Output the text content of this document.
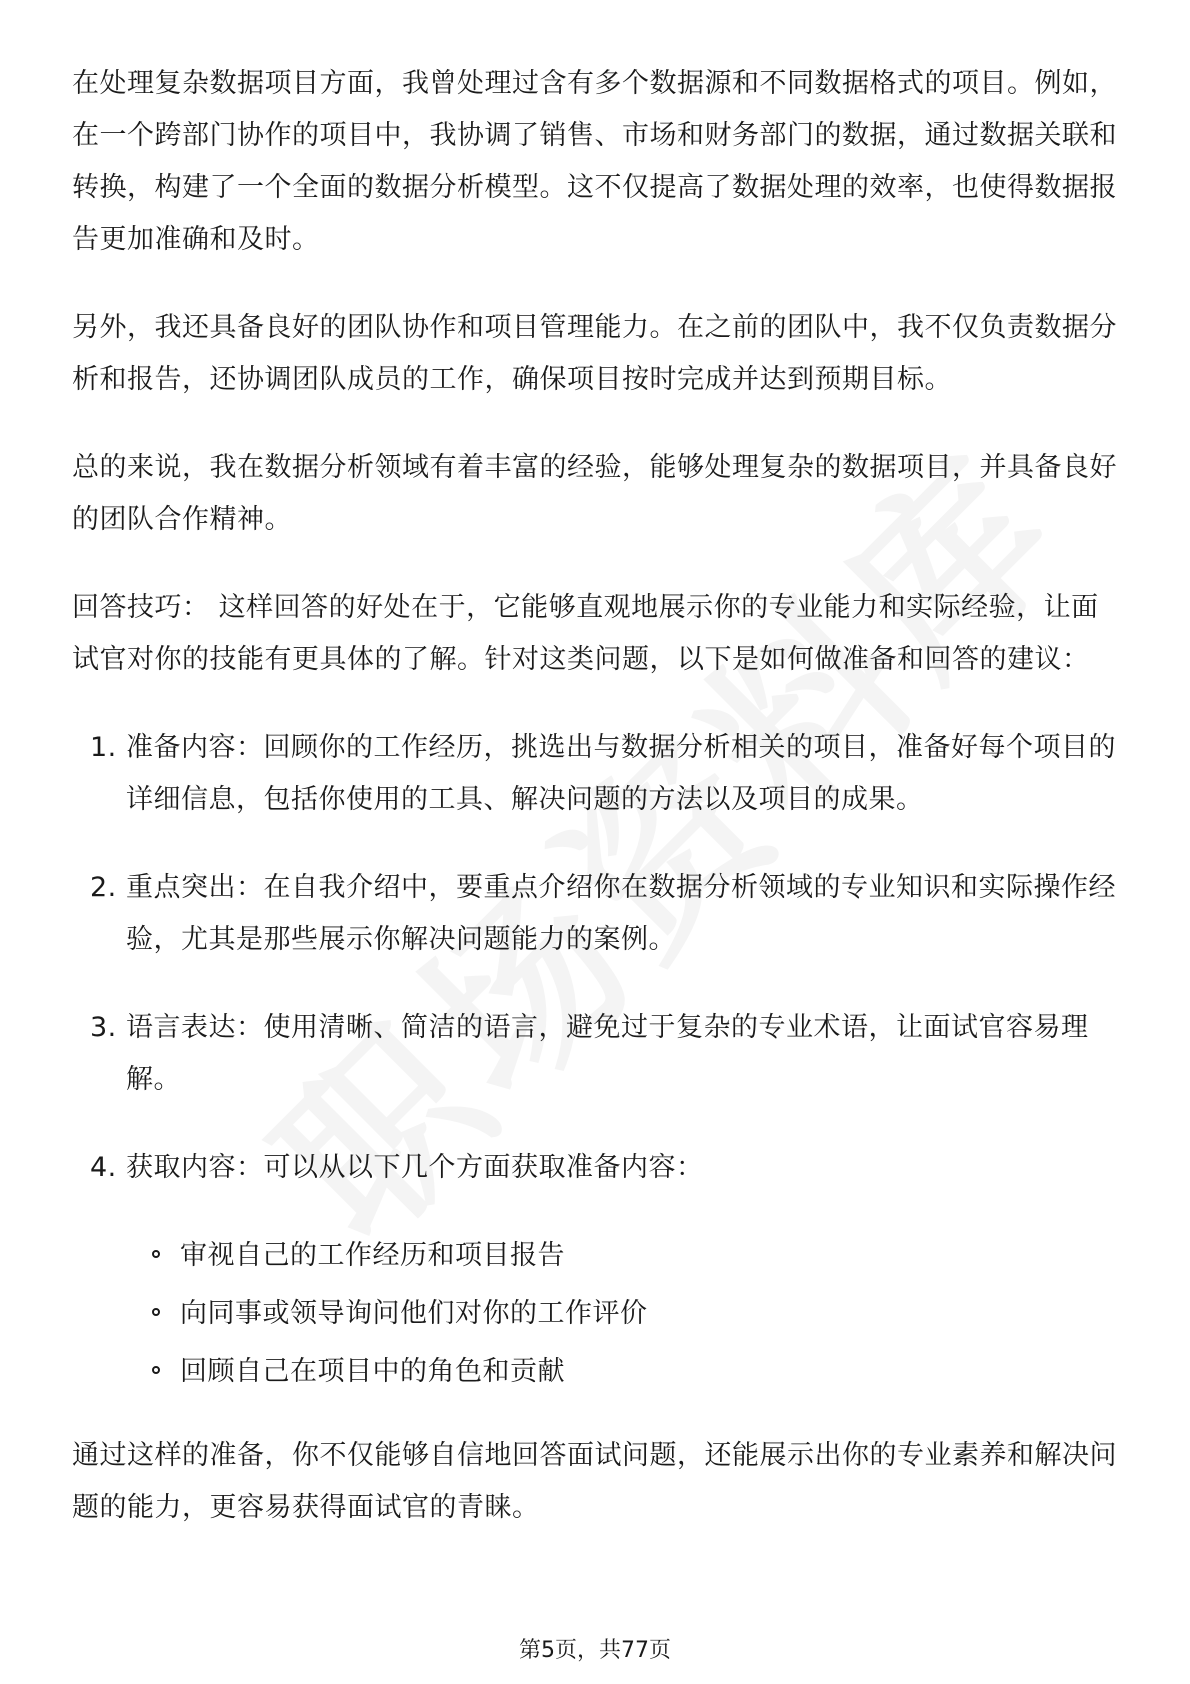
在处理复杂数据项目方面，我曾处理过含有多个数据源和不同数据格式的项目。例如，在一个跨部门协作的项目中，我协调了销售、市场和财务部门的数据，通过数据关联和转换，构建了一个全面的数据分析模型。这不仅提高了数据处理的效率，也使得数据报告更加准确和及时。

另外，我还具备良好的团队协作和项目管理能力。在之前的团队中，我不仅负责数据分析和报告，还协调团队成员的工作，确保项目按时完成并达到预期目标。

总的来说，我在数据分析领域有着丰富的经验，能够处理复杂的数据项目，并具备良好的团队合作精神。

回答技巧： 这样回答的好处在于，它能够直观地展示你的专业能力和实际经验，让面试官对你的技能有更具体的了解。针对这类问题，以下是如何做准备和回答的建议：

1. 准备内容：回顾你的工作经历，挑选出与数据分析相关的项目，准备好每个项目的详细信息，包括你使用的工具、解决问题的方法以及项目的成果。
2. 重点突出：在自我介绍中，要重点介绍你在数据分析领域的专业知识和实际操作经验，尤其是那些展示你解决问题能力的案例。
3. 语言表达：使用清晰、简洁的语言，避免过于复杂的专业术语，让面试官容易理解。
4. 获取内容：可以从以下几个方面获取准备内容：
审视自己的工作经历和项目报告
向同事或领导询问他们对你的工作评价
回顾自己在项目中的角色和贡献

通过这样的准备，你不仅能够自信地回答面试问题，还能展示出你的专业素养和解决问题的能力，更容易获得面试官的青睐。

第5页，共77页
